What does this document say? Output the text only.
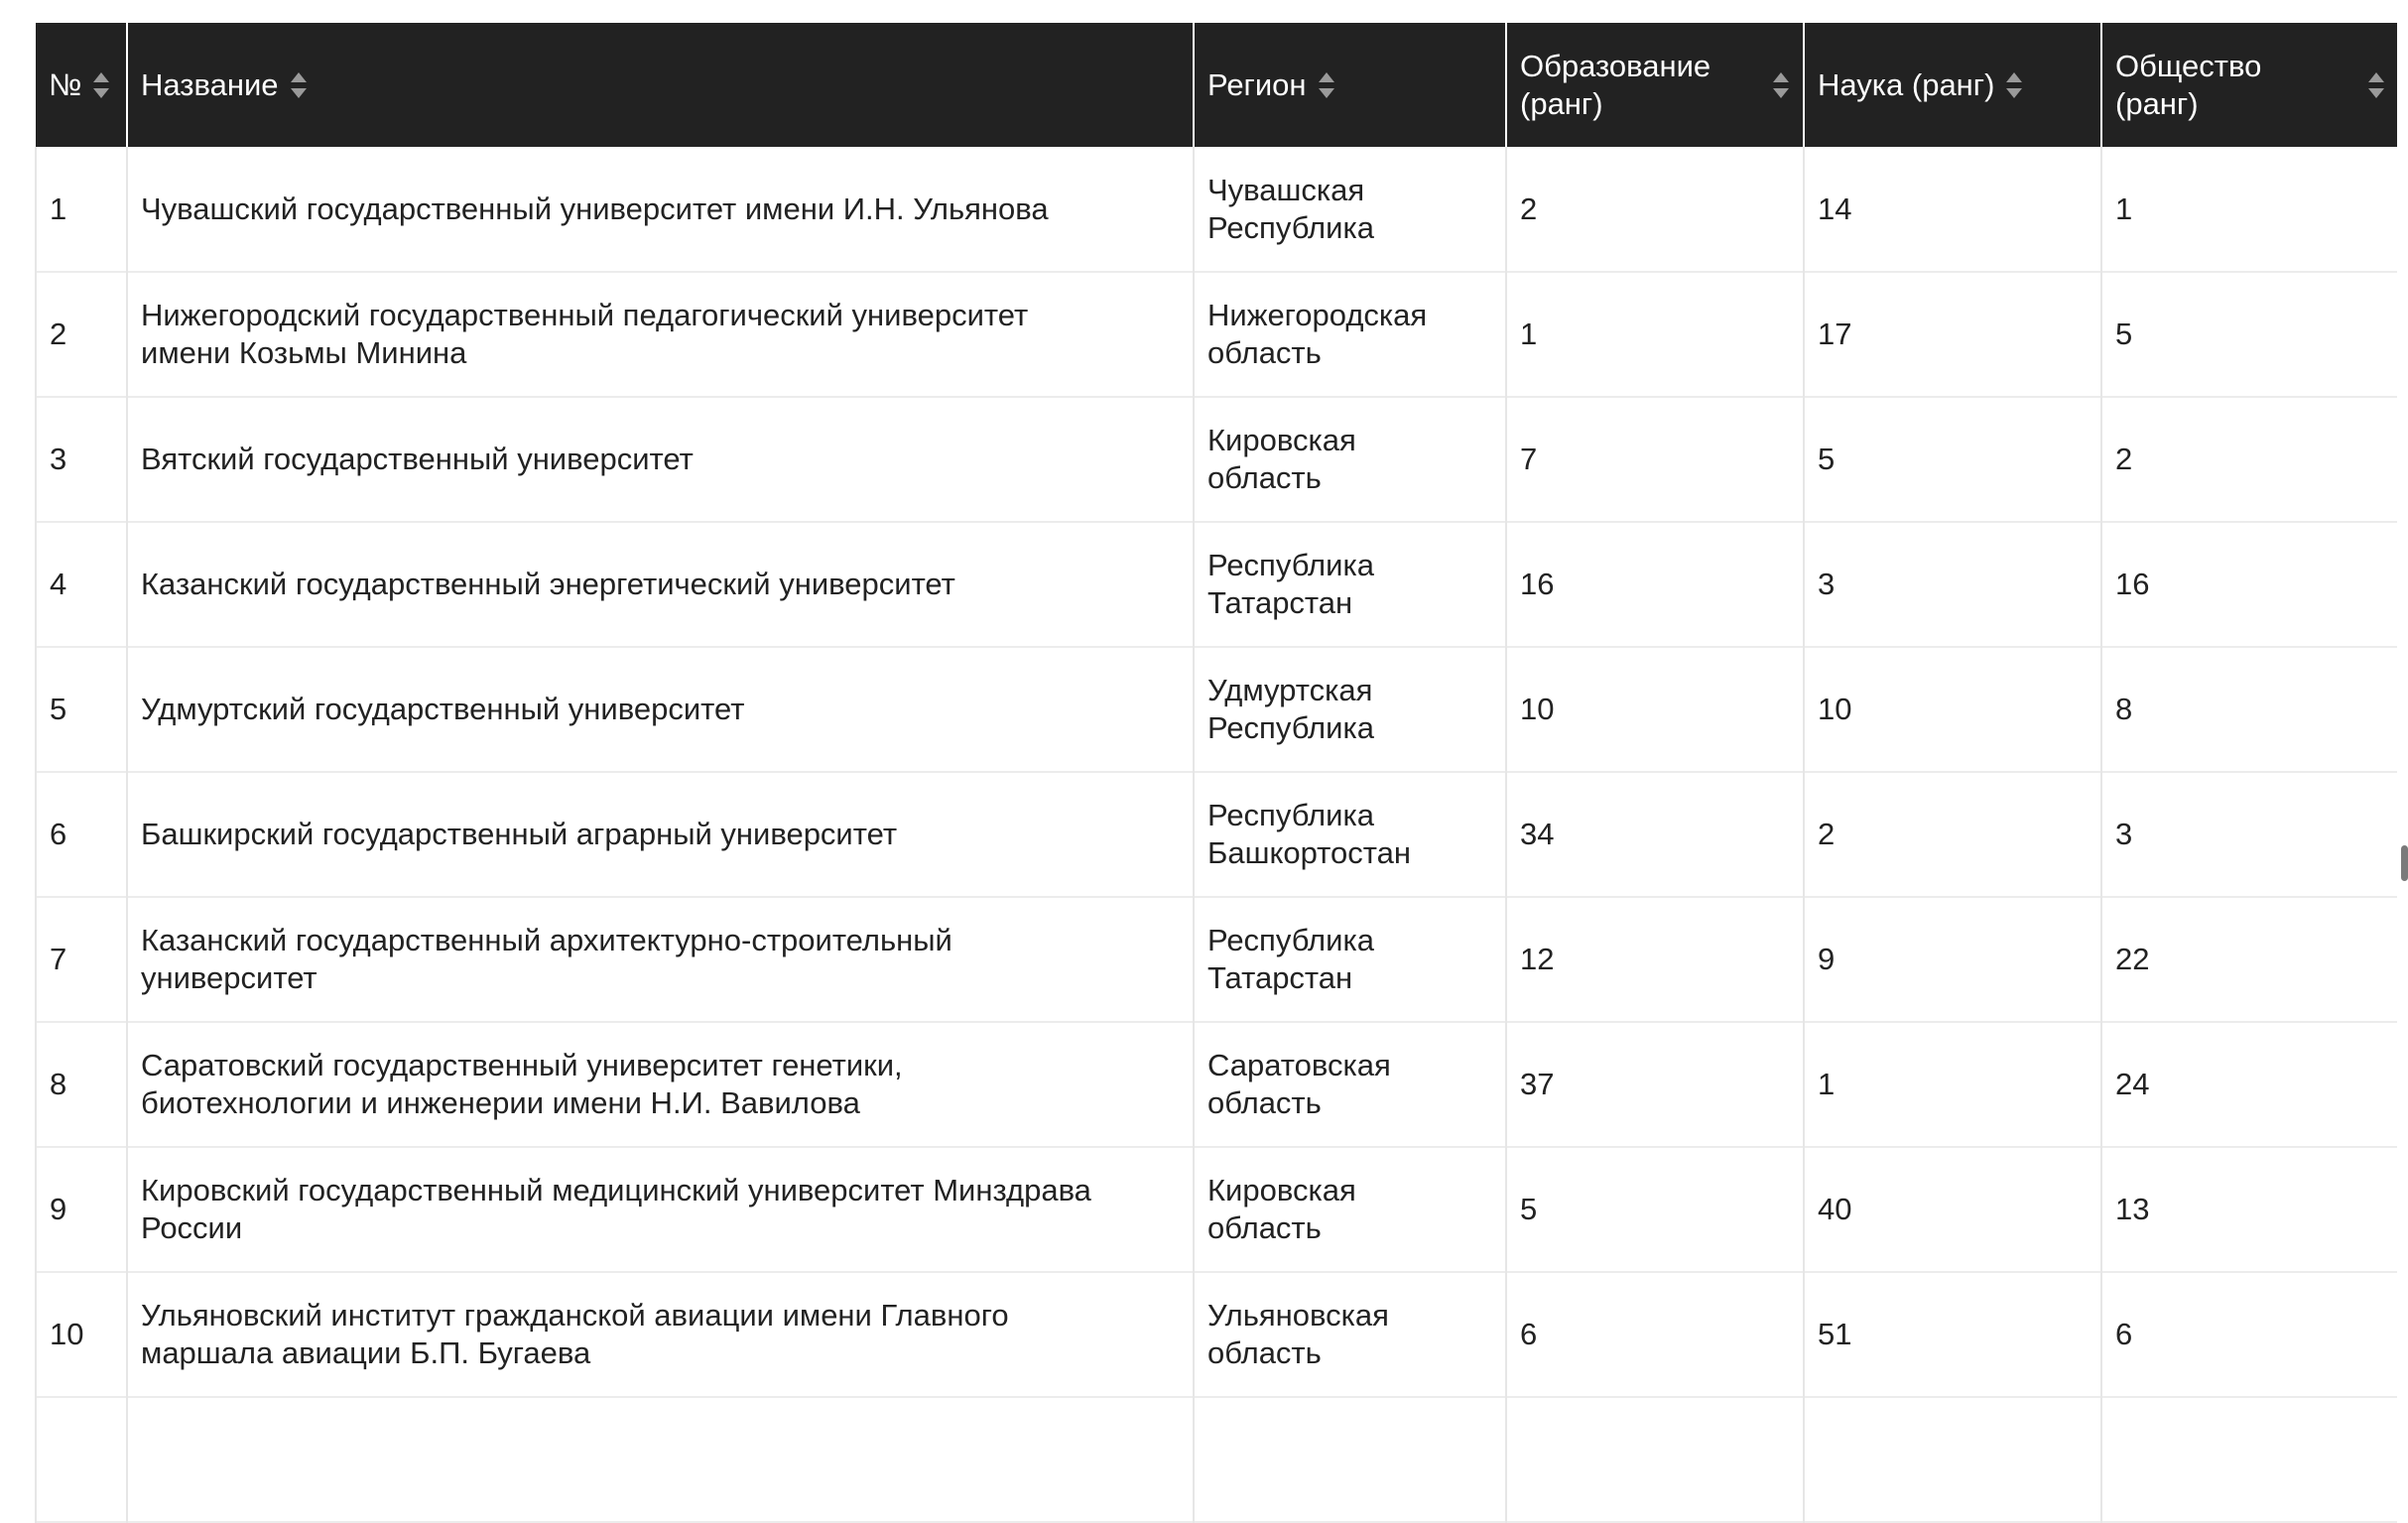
№	Название	Регион	Образование
(ранг)	Наука (ранг)	Общество
(ранг)

1	Чувашский государственный университет имени И.Н. Ульянова	Чувашская
Республика	2	14	1
2	Нижегородский государственный педагогический университет
имени Козьмы Минина	Нижегородская
область	1	17	5
3	Вятский государственный университет	Кировская
область	7	5	2
4	Казанский государственный энергетический университет	Республика
Татарстан	16	3	16
5	Удмуртский государственный университет	Удмуртская
Республика	10	10	8
6	Башкирский государственный аграрный университет	Республика
Башкортостан	34	2	3
7	Казанский государственный архитектурно-строительный
университет	Республика
Татарстан	12	9	22
8	Саратовский государственный университет генетики,
биотехнологии и инженерии имени Н.И. Вавилова	Саратовская
область	37	1	24
9	Кировский государственный медицинский университет Минздрава
России	Кировская
область	5	40	13
10	Ульяновский институт гражданской авиации имени Главного
маршала авиации Б.П. Бугаева	Ульяновская
область	6	51	6
